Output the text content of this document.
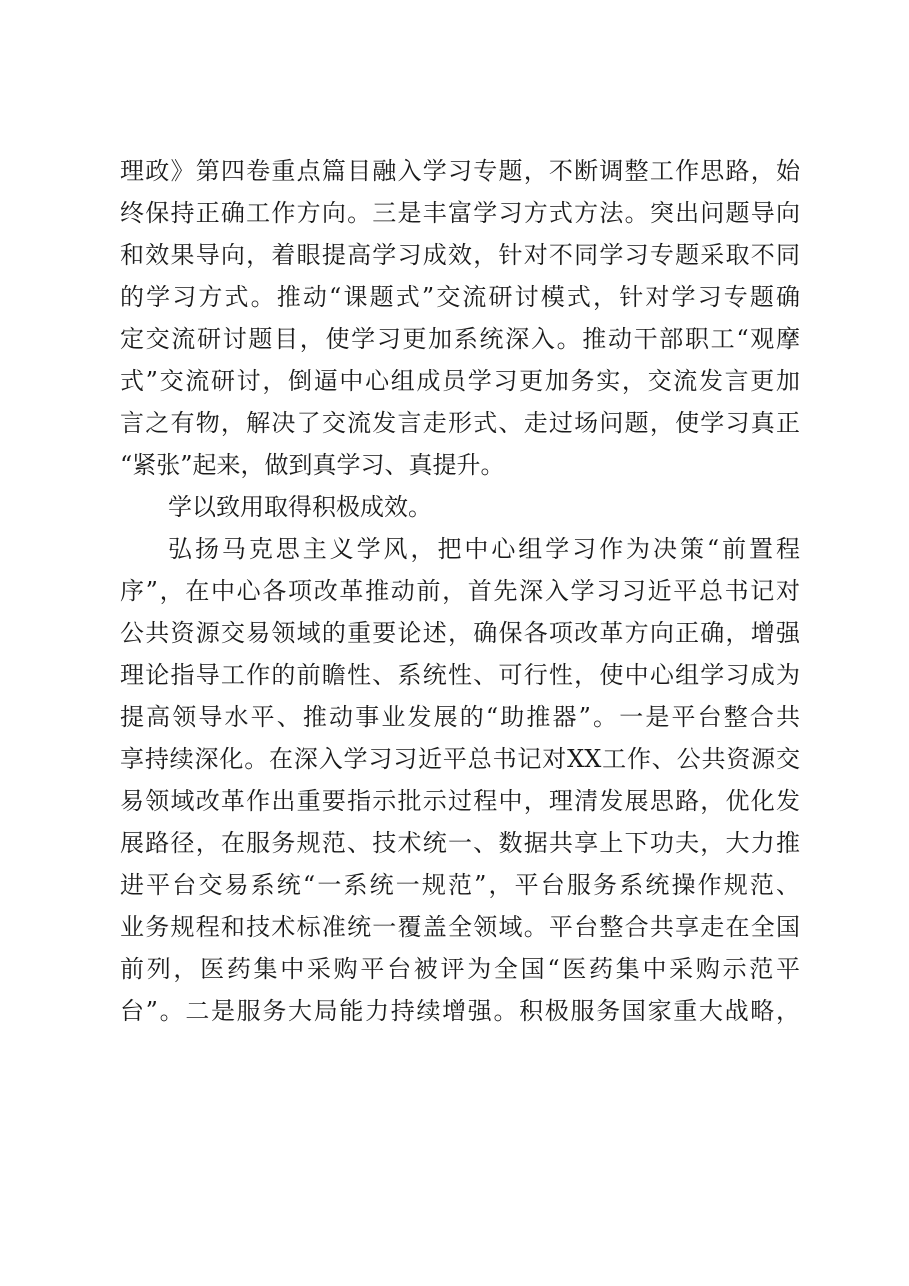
理政》第四卷重点篇目融入学习专题，不断调整工作思路，始
终保持正确工作方向。三是丰富学习方式方法。突出问题导向
和效果导向，着眼提高学习成效，针对不同学习专题采取不同
的学习方式。推动“课题式”交流研讨模式，针对学习专题确
定交流研讨题目，使学习更加系统深入。推动干部职工“观摩
式”交流研讨，倒逼中心组成员学习更加务实，交流发言更加
言之有物，解决了交流发言走形式、走过场问题，使学习真正
“紧张”起来，做到真学习、真提升。
学以致用取得积极成效。
弘扬马克思主义学风，把中心组学习作为决策“前置程
序”，在中心各项改革推动前，首先深入学习习近平总书记对
公共资源交易领域的重要论述，确保各项改革方向正确，增强
理论指导工作的前瞻性、系统性、可行性，使中心组学习成为
提高领导水平、推动事业发展的“助推器”。一是平台整合共
享持续深化。在深入学习习近平总书记对XX工作、公共资源交
易领域改革作出重要指示批示过程中，理清发展思路，优化发
展路径，在服务规范、技术统一、数据共享上下功夫，大力推
进平台交易系统“一系统一规范”，平台服务系统操作规范、
业务规程和技术标准统一覆盖全领域。平台整合共享走在全国
前列，医药集中采购平台被评为全国“医药集中采购示范平
台”。二是服务大局能力持续增强。积极服务国家重大战略，
